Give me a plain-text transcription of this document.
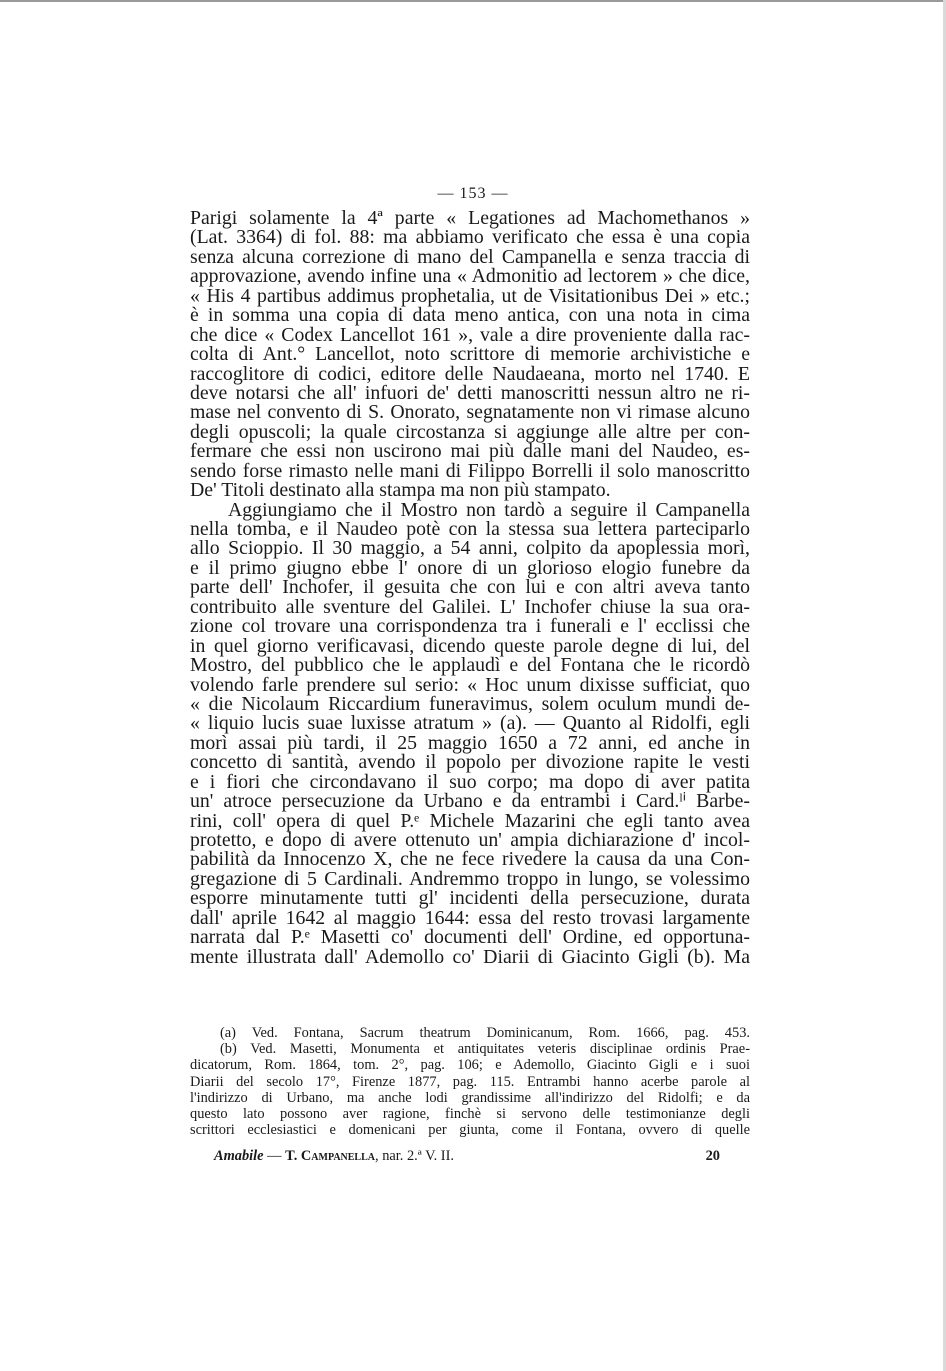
— 153 —
Parigi solamente la 4ª parte « Legationes ad Machomethanos »
(Lat. 3364) di fol. 88: ma abbiamo verificato che essa è una copia
senza alcuna correzione di mano del Campanella e senza traccia di
approvazione, avendo infine una « Admonitio ad lectorem » che dice,
« His 4 partibus addimus prophetalia, ut de Visitationibus Dei » etc.;
è in somma una copia di data meno antica, con una nota in cima
che dice « Codex Lancellot 161 », vale a dire proveniente dalla rac-
colta di Ant.° Lancellot, noto scrittore di memorie archivistiche e
raccoglitore di codici, editore delle Naudaeana, morto nel 1740. E
deve notarsi che all' infuori de' detti manoscritti nessun altro ne ri-
mase nel convento di S. Onorato, segnatamente non vi rimase alcuno
degli opuscoli; la quale circostanza si aggiunge alle altre per con-
fermare che essi non uscirono mai più dalle mani del Naudeo, es-
sendo forse rimasto nelle mani di Filippo Borrelli il solo manoscritto
De' Titoli destinato alla stampa ma non più stampato.
Aggiungiamo che il Mostro non tardò a seguire il Campanella
nella tomba, e il Naudeo potè con la stessa sua lettera parteciparlo
allo Scioppio. Il 30 maggio, a 54 anni, colpito da apoplessia morì,
e il primo giugno ebbe l' onore di un glorioso elogio funebre da
parte dell' Inchofer, il gesuita che con lui e con altri aveva tanto
contribuito alle sventure del Galilei. L' Inchofer chiuse la sua ora-
zione col trovare una corrispondenza tra i funerali e l' ecclissi che
in quel giorno verificavasi, dicendo queste parole degne di lui, del
Mostro, del pubblico che le applaudì e del Fontana che le ricordò
volendo farle prendere sul serio: « Hoc unum dixisse sufficiat, quo
« die Nicolaum Riccardium funeravimus, solem oculum mundi de-
« liquio lucis suae luxisse atratum » (a). — Quanto al Ridolfi, egli
morì assai più tardi, il 25 maggio 1650 a 72 anni, ed anche in
concetto di santità, avendo il popolo per divozione rapite le vesti
e i fiori che circondavano il suo corpo; ma dopo di aver patita
un' atroce persecuzione da Urbano e da entrambi i Card.ˡⁱ Barbe-
rini, coll' opera di quel P.ᵉ Michele Mazarini che egli tanto avea
protetto, e dopo di avere ottenuto un' ampia dichiarazione d' incol-
pabilità da Innocenzo X, che ne fece rivedere la causa da una Con-
gregazione di 5 Cardinali. Andremmo troppo in lungo, se volessimo
esporre minutamente tutti gl' incidenti della persecuzione, durata
dall' aprile 1642 al maggio 1644: essa del resto trovasi largamente
narrata dal P.ᵉ Masetti co' documenti dell' Ordine, ed opportuna-
mente illustrata dall' Ademollo co' Diarii di Giacinto Gigli (b). Ma
(a) Ved. Fontana, Sacrum theatrum Dominicanum, Rom. 1666, pag. 453.
(b) Ved. Masetti, Monumenta et antiquitates veteris disciplinae ordinis Prae-
dicatorum, Rom. 1864, tom. 2°, pag. 106; e Ademollo, Giacinto Gigli e i suoi
Diarii del secolo 17°, Firenze 1877, pag. 115. Entrambi hanno acerbe parole al
l'indirizzo di Urbano, ma anche lodi grandissime all'indirizzo del Ridolfi; e da
questo lato possono aver ragione, finchè si servono delle testimonianze degli
scrittori ecclesiastici e domenicani per giunta, come il Fontana, ovvero di quelle
Amabile — T. Campanella, nar. 2.ª V. II.	20
